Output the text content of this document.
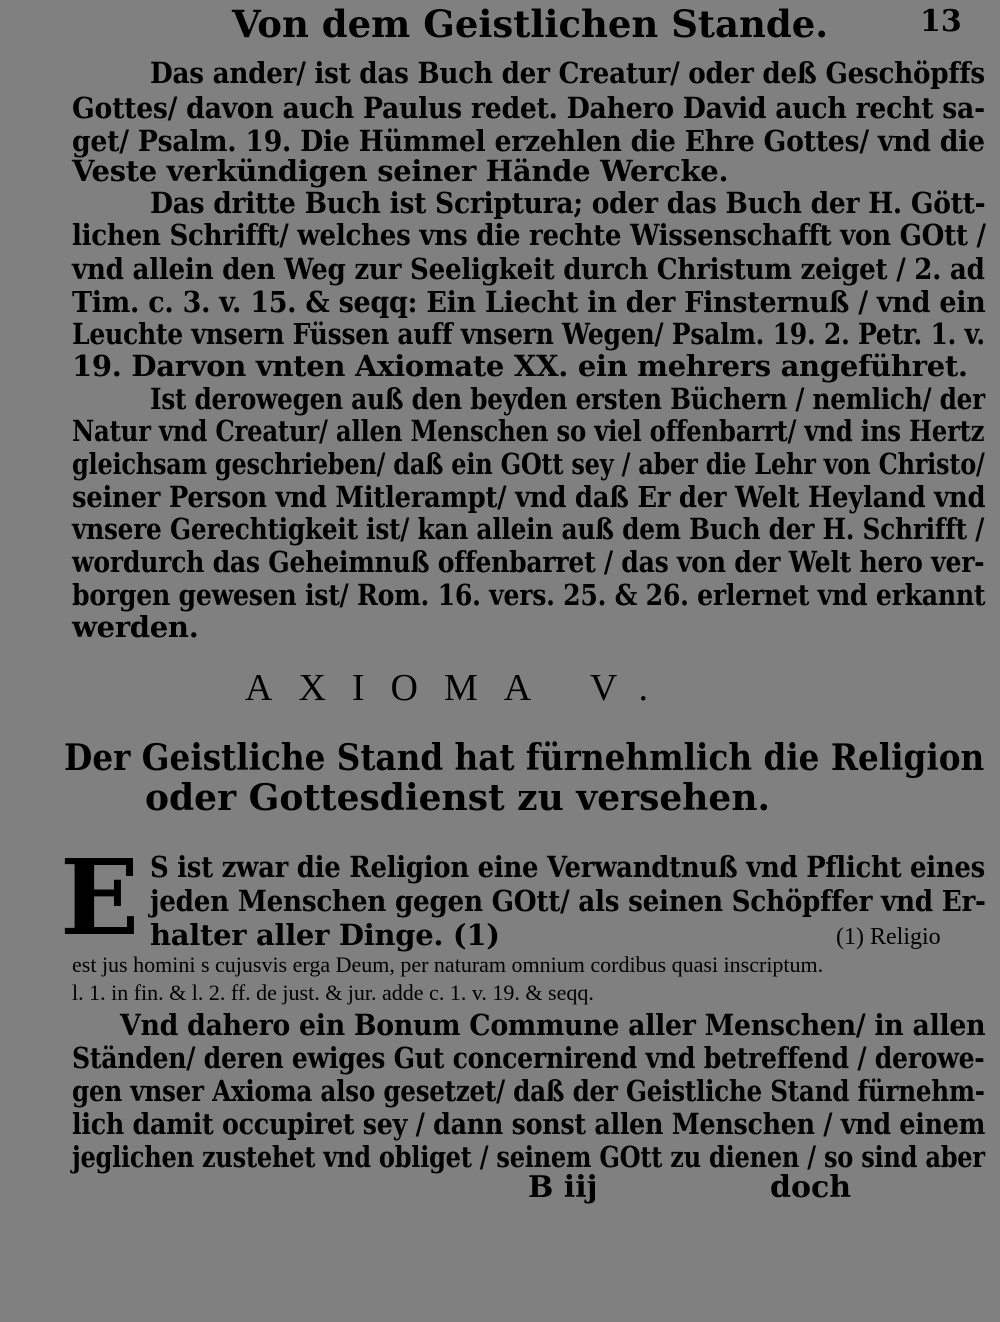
Von dem Geistlichen Stande.	13
Das ander/ ist das Buch der Creatur/ oder deß Geschöpffs
Gottes/ davon auch Paulus redet. Dahero David auch recht sa-
get/ Psalm. 19. Die Hümmel erzehlen die Ehre Gottes/ vnd die
Veste verkündigen seiner Hände Wercke.
Das dritte Buch ist Scriptura; oder das Buch der H. Gött-
lichen Schrifft/ welches vns die rechte Wissenschafft von GOtt /
vnd allein den Weg zur Seeligkeit durch Christum zeiget / 2. ad
Tim. c. 3. v. 15. & seqq: Ein Liecht in der Finsternuß / vnd ein
Leuchte vnsern Füssen auff vnsern Wegen/ Psalm. 19. 2. Petr. 1. v.
19. Darvon vnten Axiomate XX. ein mehrers angeführet.
Ist derowegen auß den beyden ersten Büchern / nemlich/ der
Natur vnd Creatur/ allen Menschen so viel offenbarrt/ vnd ins Hertz
gleichsam geschrieben/ daß ein GOtt sey / aber die Lehr von Christo/
seiner Person vnd Mitlerampt/ vnd daß Er der Welt Heyland vnd
vnsere Gerechtigkeit ist/ kan allein auß dem Buch der H. Schrifft /
wordurch das Geheimnuß offenbarret / das von der Welt hero ver-
borgen gewesen ist/ Rom. 16. vers. 25. & 26. erlernet vnd erkannt
werden.
AXIOMA V.
Der Geistliche Stand hat fürnehmlich die Religion
oder Gottesdienst zu versehen.
E S ist zwar die Religion eine Verwandtnuß vnd Pflicht eines
jeden Menschen gegen GOtt/ als seinen Schöpffer vnd Er-
halter aller Dinge. (1)	(1) Religio
est jus homini s cujusvis erga Deum, per naturam omnium cordibus quasi inscriptum.
l. 1. in fin. & l. 2. ff. de just. & jur. adde c. 1. v. 19. & seqq.
Vnd dahero ein Bonum Commune aller Menschen/ in allen
Ständen/ deren ewiges Gut concernirend vnd betreffend / derowe-
gen vnser Axioma also gesetzet/ daß der Geistliche Stand fürnehm-
lich damit occupiret sey / dann sonst allen Menschen / vnd einem
jeglichen zustehet vnd obliget / seinem GOtt zu dienen / so sind aber
B iij	doch
